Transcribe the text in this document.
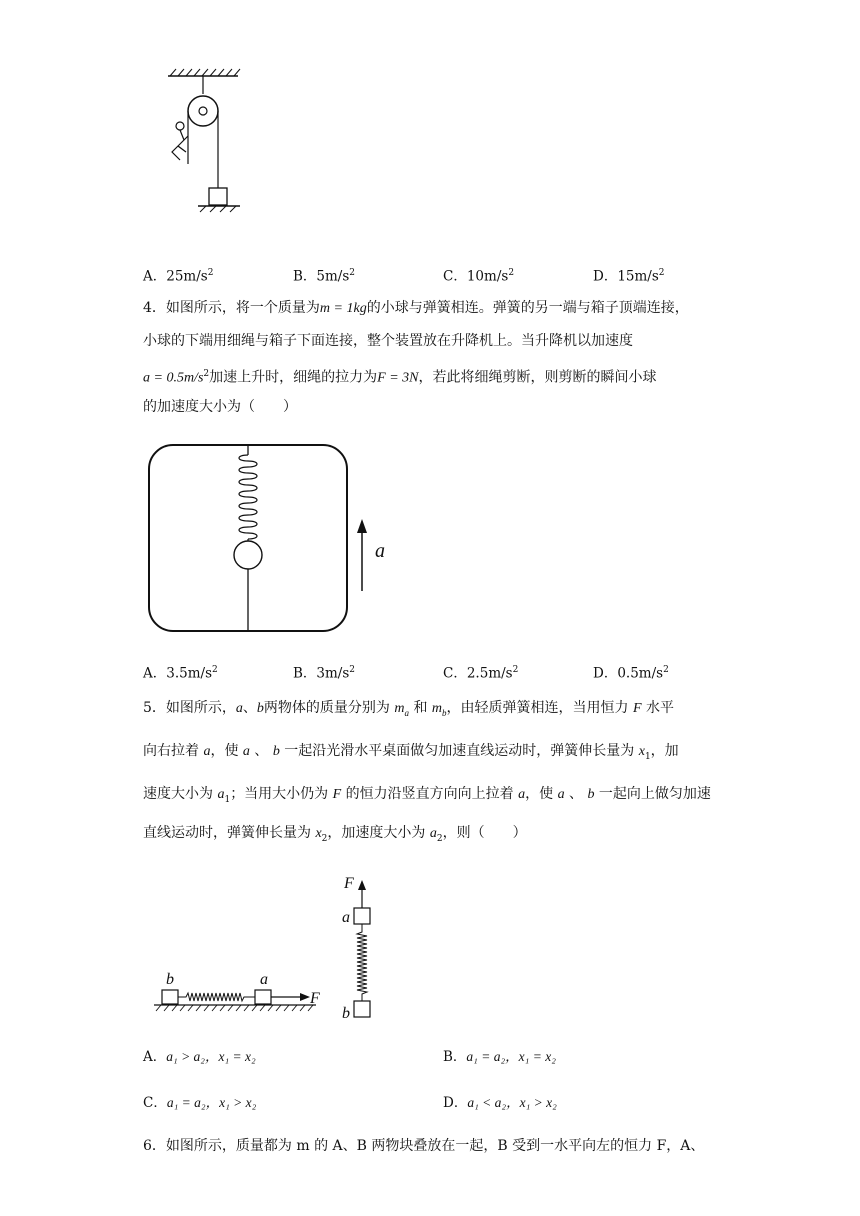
A．$25m/s^2$	B．$5m/s^2$	C．$10m/s^2$	D．$15m/s^2$
4．如图所示，将一个质量为m = 1kg的小球与弹簧相连。弹簧的另一端与箱子顶端连接，
小球的下端用细绳与箱子下面连接，整个装置放在升降机上。当升降机以加速度
$a = 0.5m/s^2$加速上升时，细绳的拉力为F = 3N，若此将细绳剪断，则剪断的瞬间小球
的加速度大小为（　　）
a
A．$3.5m/s^2$	B．$3m/s^2$	C．$2.5m/s^2$	D．$0.5m/s^2$
5．如图所示，a、b两物体的质量分别为 $m_a$ 和 $m_b$，由轻质弹簧相连，当用恒力 F 水平
向右拉着 a，使 a 、 b 一起沿光滑水平桌面做匀加速直线运动时，弹簧伸长量为 $x_1$，加
速度大小为 $a_1$；当用大小仍为 F 的恒力沿竖直方向向上拉着 a，使 a 、 b 一起向上做匀加速
直线运动时，弹簧伸长量为 $x_2$，加速度大小为 $a_2$，则（　　）
b	a
F
F
a
b
A．a₁ > a₂，x₁ = x₂	B．a₁ = a₂，x₁ = x₂
C．a₁ = a₂，x₁ > x₂	D．a₁ < a₂，x₁ > x₂
6．如图所示，质量都为 m 的 A、B 两物块叠放在一起，B 受到一水平向左的恒力 F，A、
